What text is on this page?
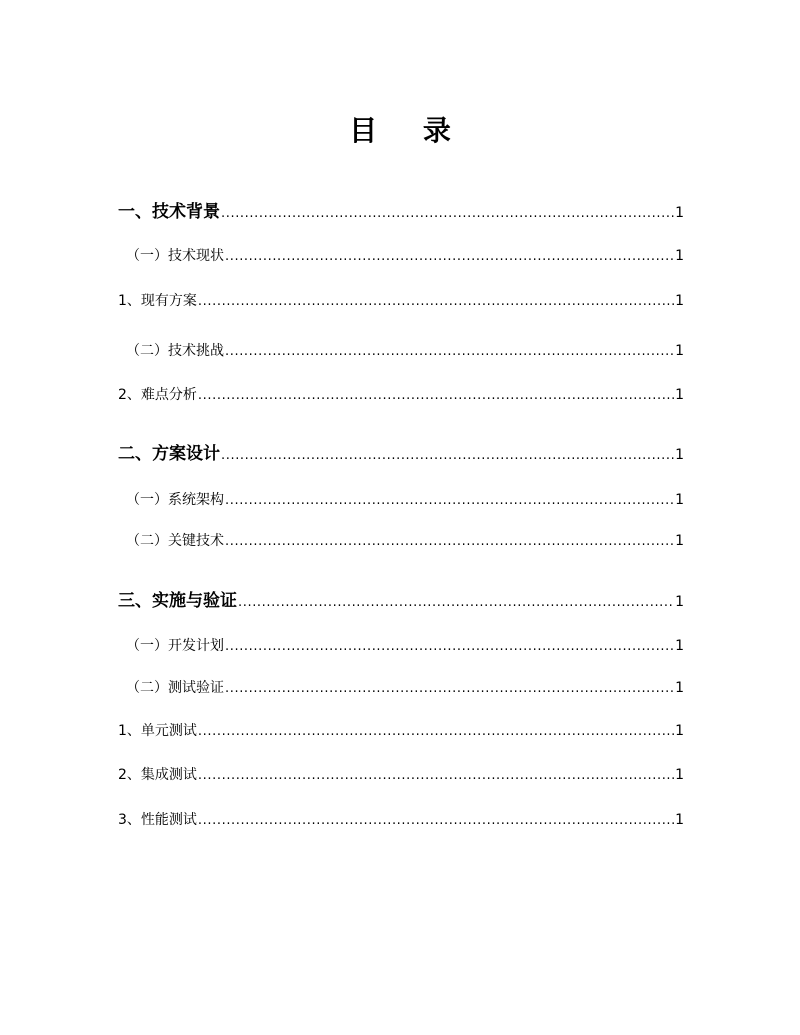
目 录
一、技术背景 .....	1
（一）技术现状 .....	1
1、现有方案 .....	1
（二）技术挑战 .....	1
2、难点分析 .....	1
二、方案设计 .....	1
（一）系统架构 .....	1
（二）关键技术 .....	1
三、实施与验证 .....	1
（一）开发计划 .....	1
（二）测试验证 .....	1
1、单元测试 .....	1
2、集成测试 .....	1
3、性能测试 .....	1
